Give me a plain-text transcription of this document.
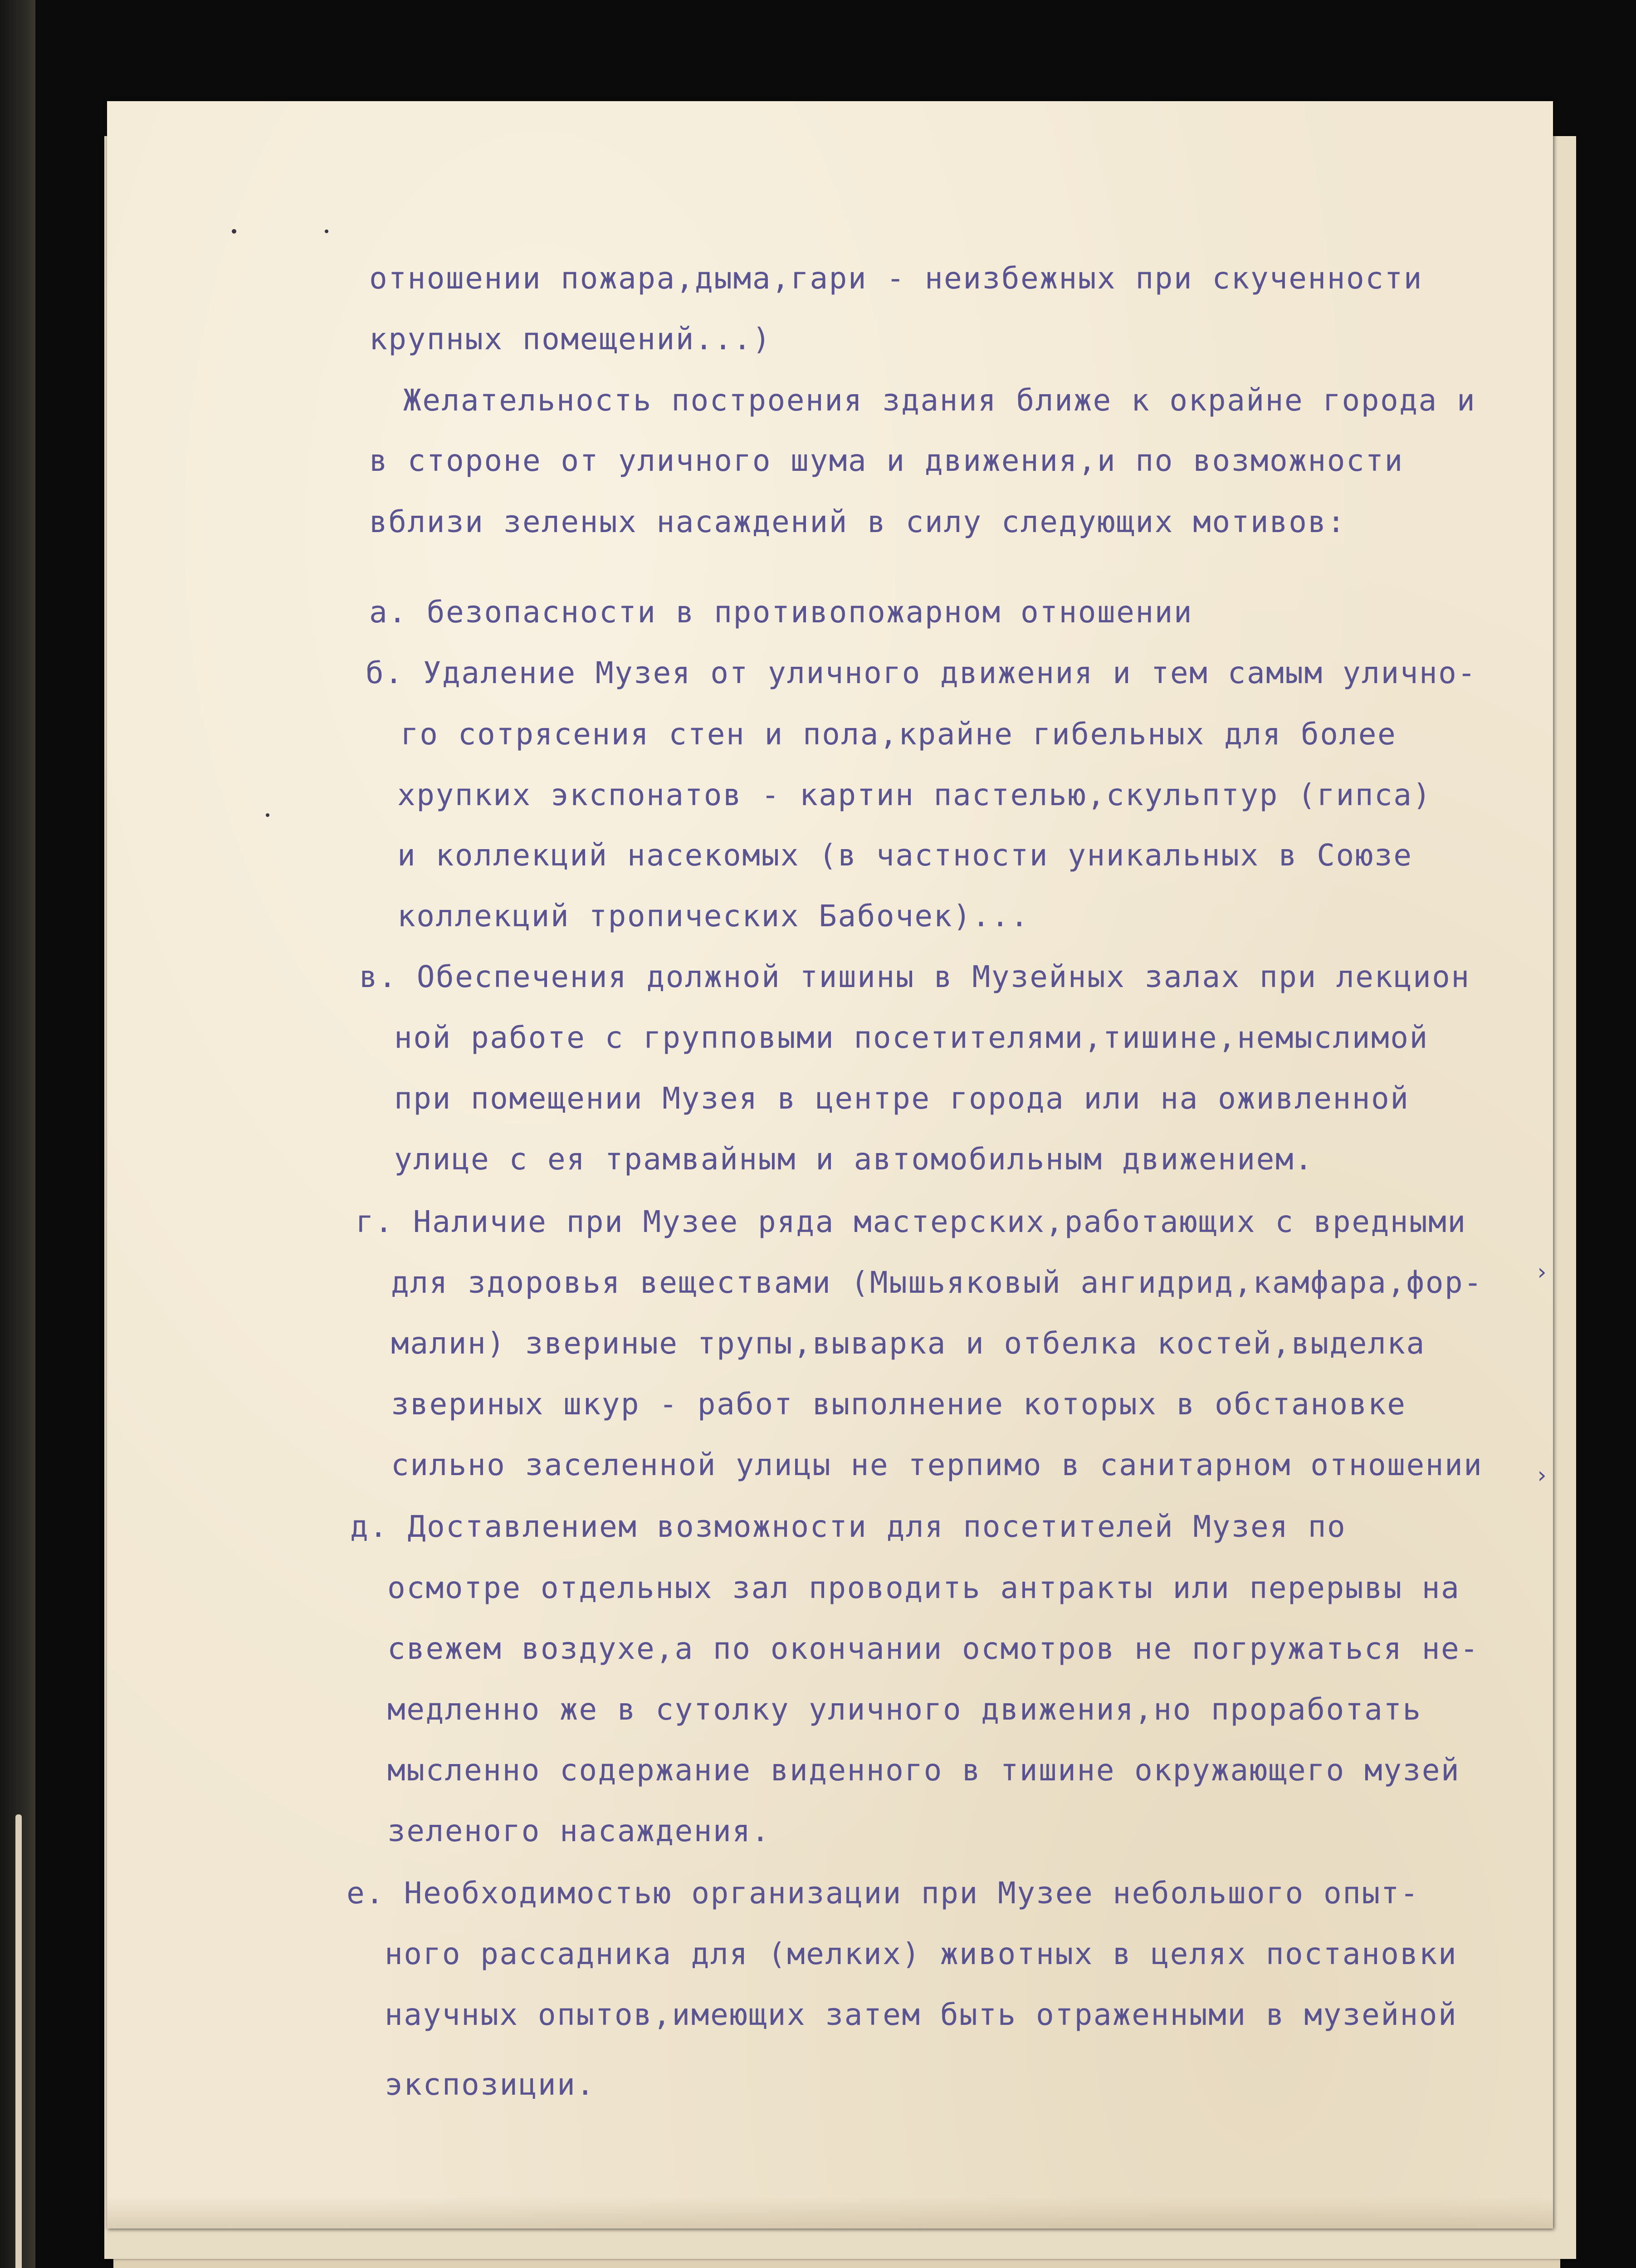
отношении пожара,дыма,гари - неизбежных при скученности
крупных помещений...)
Желательность построения здания ближе к окрайне города и
в стороне от уличного шума и движения,и по возможности
вблизи зеленых насаждений в силу следующих мотивов:
а. безопасности в противопожарном отношении
б. Удаление Музея от уличного движения и тем самым улично-
го сотрясения стен и пола,крайне гибельных для более
хрупких экспонатов - картин пастелью,скульптур (гипса)
и коллекций насекомых (в частности уникальных в Союзе
коллекций тропических Бабочек)...
в. Обеспечения должной тишины в Музейных залах при лекцион
ной работе с групповыми посетителями,тишине,немыслимой
при помещении Музея в центре города или на оживленной
улице с ея трамвайным и автомобильным движением.
г. Наличие при Музее ряда мастерских,работающих с вредными
для здоровья веществами (Мышьяковый ангидрид,камфара,фор-
малин) звериные трупы,выварка и отбелка костей,выделка
звериных шкур - работ выполнение которых в обстановке
сильно заселенной улицы не терпимо в санитарном отношении
д. Доставлением возможности для посетителей Музея по
осмотре отдельных зал проводить антракты или перерывы на
свежем воздухе,а по окончании осмотров не погружаться не-
медленно же в сутолку уличного движения,но проработать
мысленно содержание виденного в тишине окружающего музей
зеленого насаждения.
е. Необходимостью организации при Музее небольшого опыт-
ного рассадника для (мелких) животных в целях постановки
научных опытов,имеющих затем быть отраженными в музейной
экспозиции.
›
›
